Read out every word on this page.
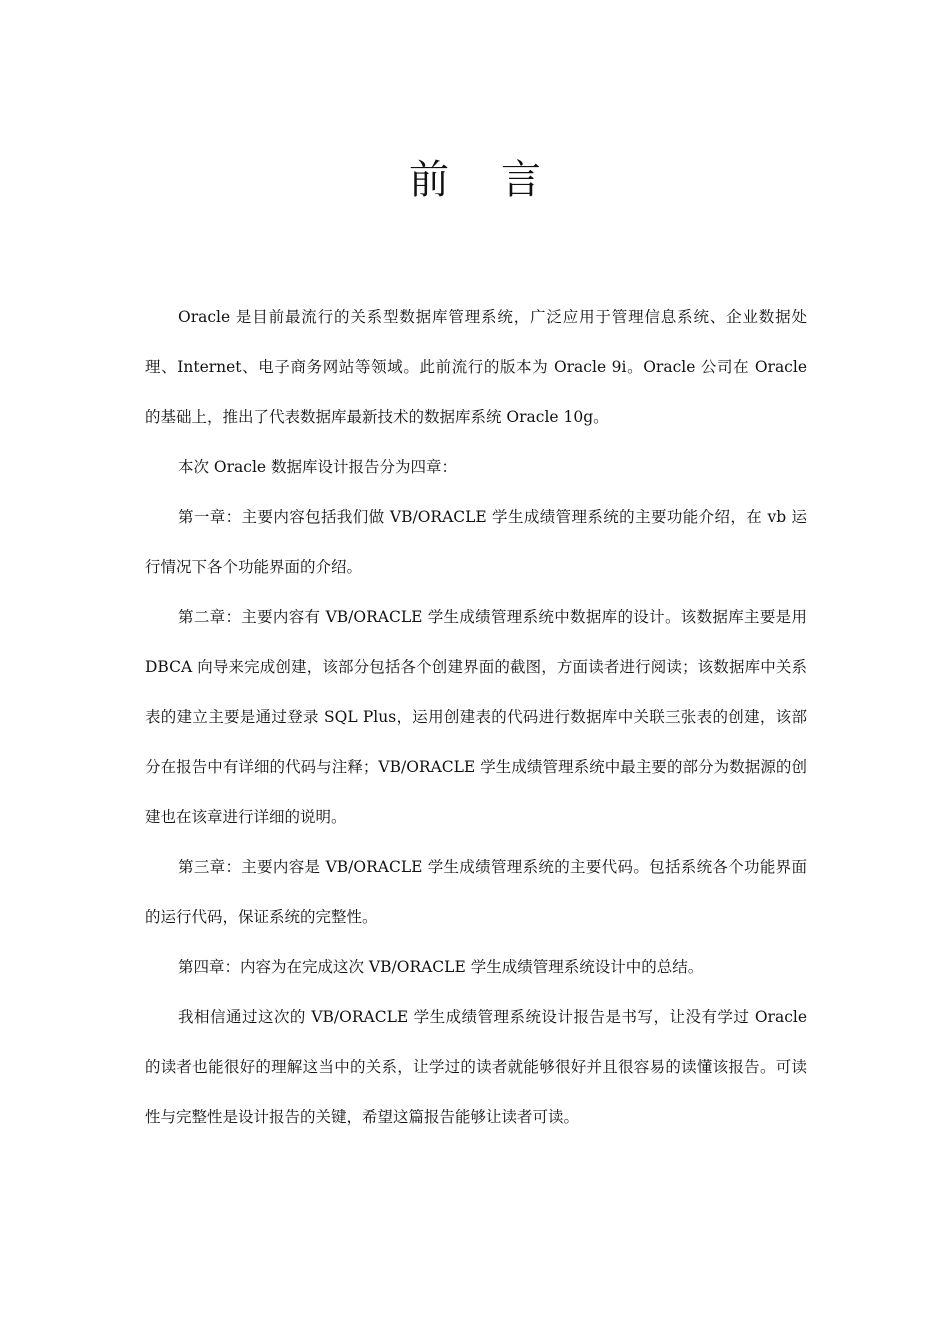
前 言

Oracle 是目前最流行的关系型数据库管理系统，广泛应用于管理信息系统、企业数据处理、Internet、电子商务网站等领域。此前流行的版本为 Oracle 9i。Oracle 公司在 Oracle 的基础上，推出了代表数据库最新技术的数据库系统 Oracle 10g。

本次 Oracle 数据库设计报告分为四章：

第一章：主要内容包括我们做 VB/ORACLE 学生成绩管理系统的主要功能介绍，在 vb 运行情况下各个功能界面的介绍。

第二章：主要内容有 VB/ORACLE 学生成绩管理系统中数据库的设计。该数据库主要是用 DBCA 向导来完成创建，该部分包括各个创建界面的截图，方面读者进行阅读；该数据库中关系表的建立主要是通过登录 SQL Plus，运用创建表的代码进行数据库中关联三张表的创建，该部分在报告中有详细的代码与注释；VB/ORACLE 学生成绩管理系统中最主要的部分为数据源的创建也在该章进行详细的说明。

第三章：主要内容是 VB/ORACLE 学生成绩管理系统的主要代码。包括系统各个功能界面的运行代码，保证系统的完整性。

第四章：内容为在完成这次 VB/ORACLE 学生成绩管理系统设计中的总结。

我相信通过这次的 VB/ORACLE 学生成绩管理系统设计报告是书写，让没有学过 Oracle 的读者也能很好的理解这当中的关系，让学过的读者就能够很好并且很容易的读懂该报告。可读性与完整性是设计报告的关键，希望这篇报告能够让读者可读。
